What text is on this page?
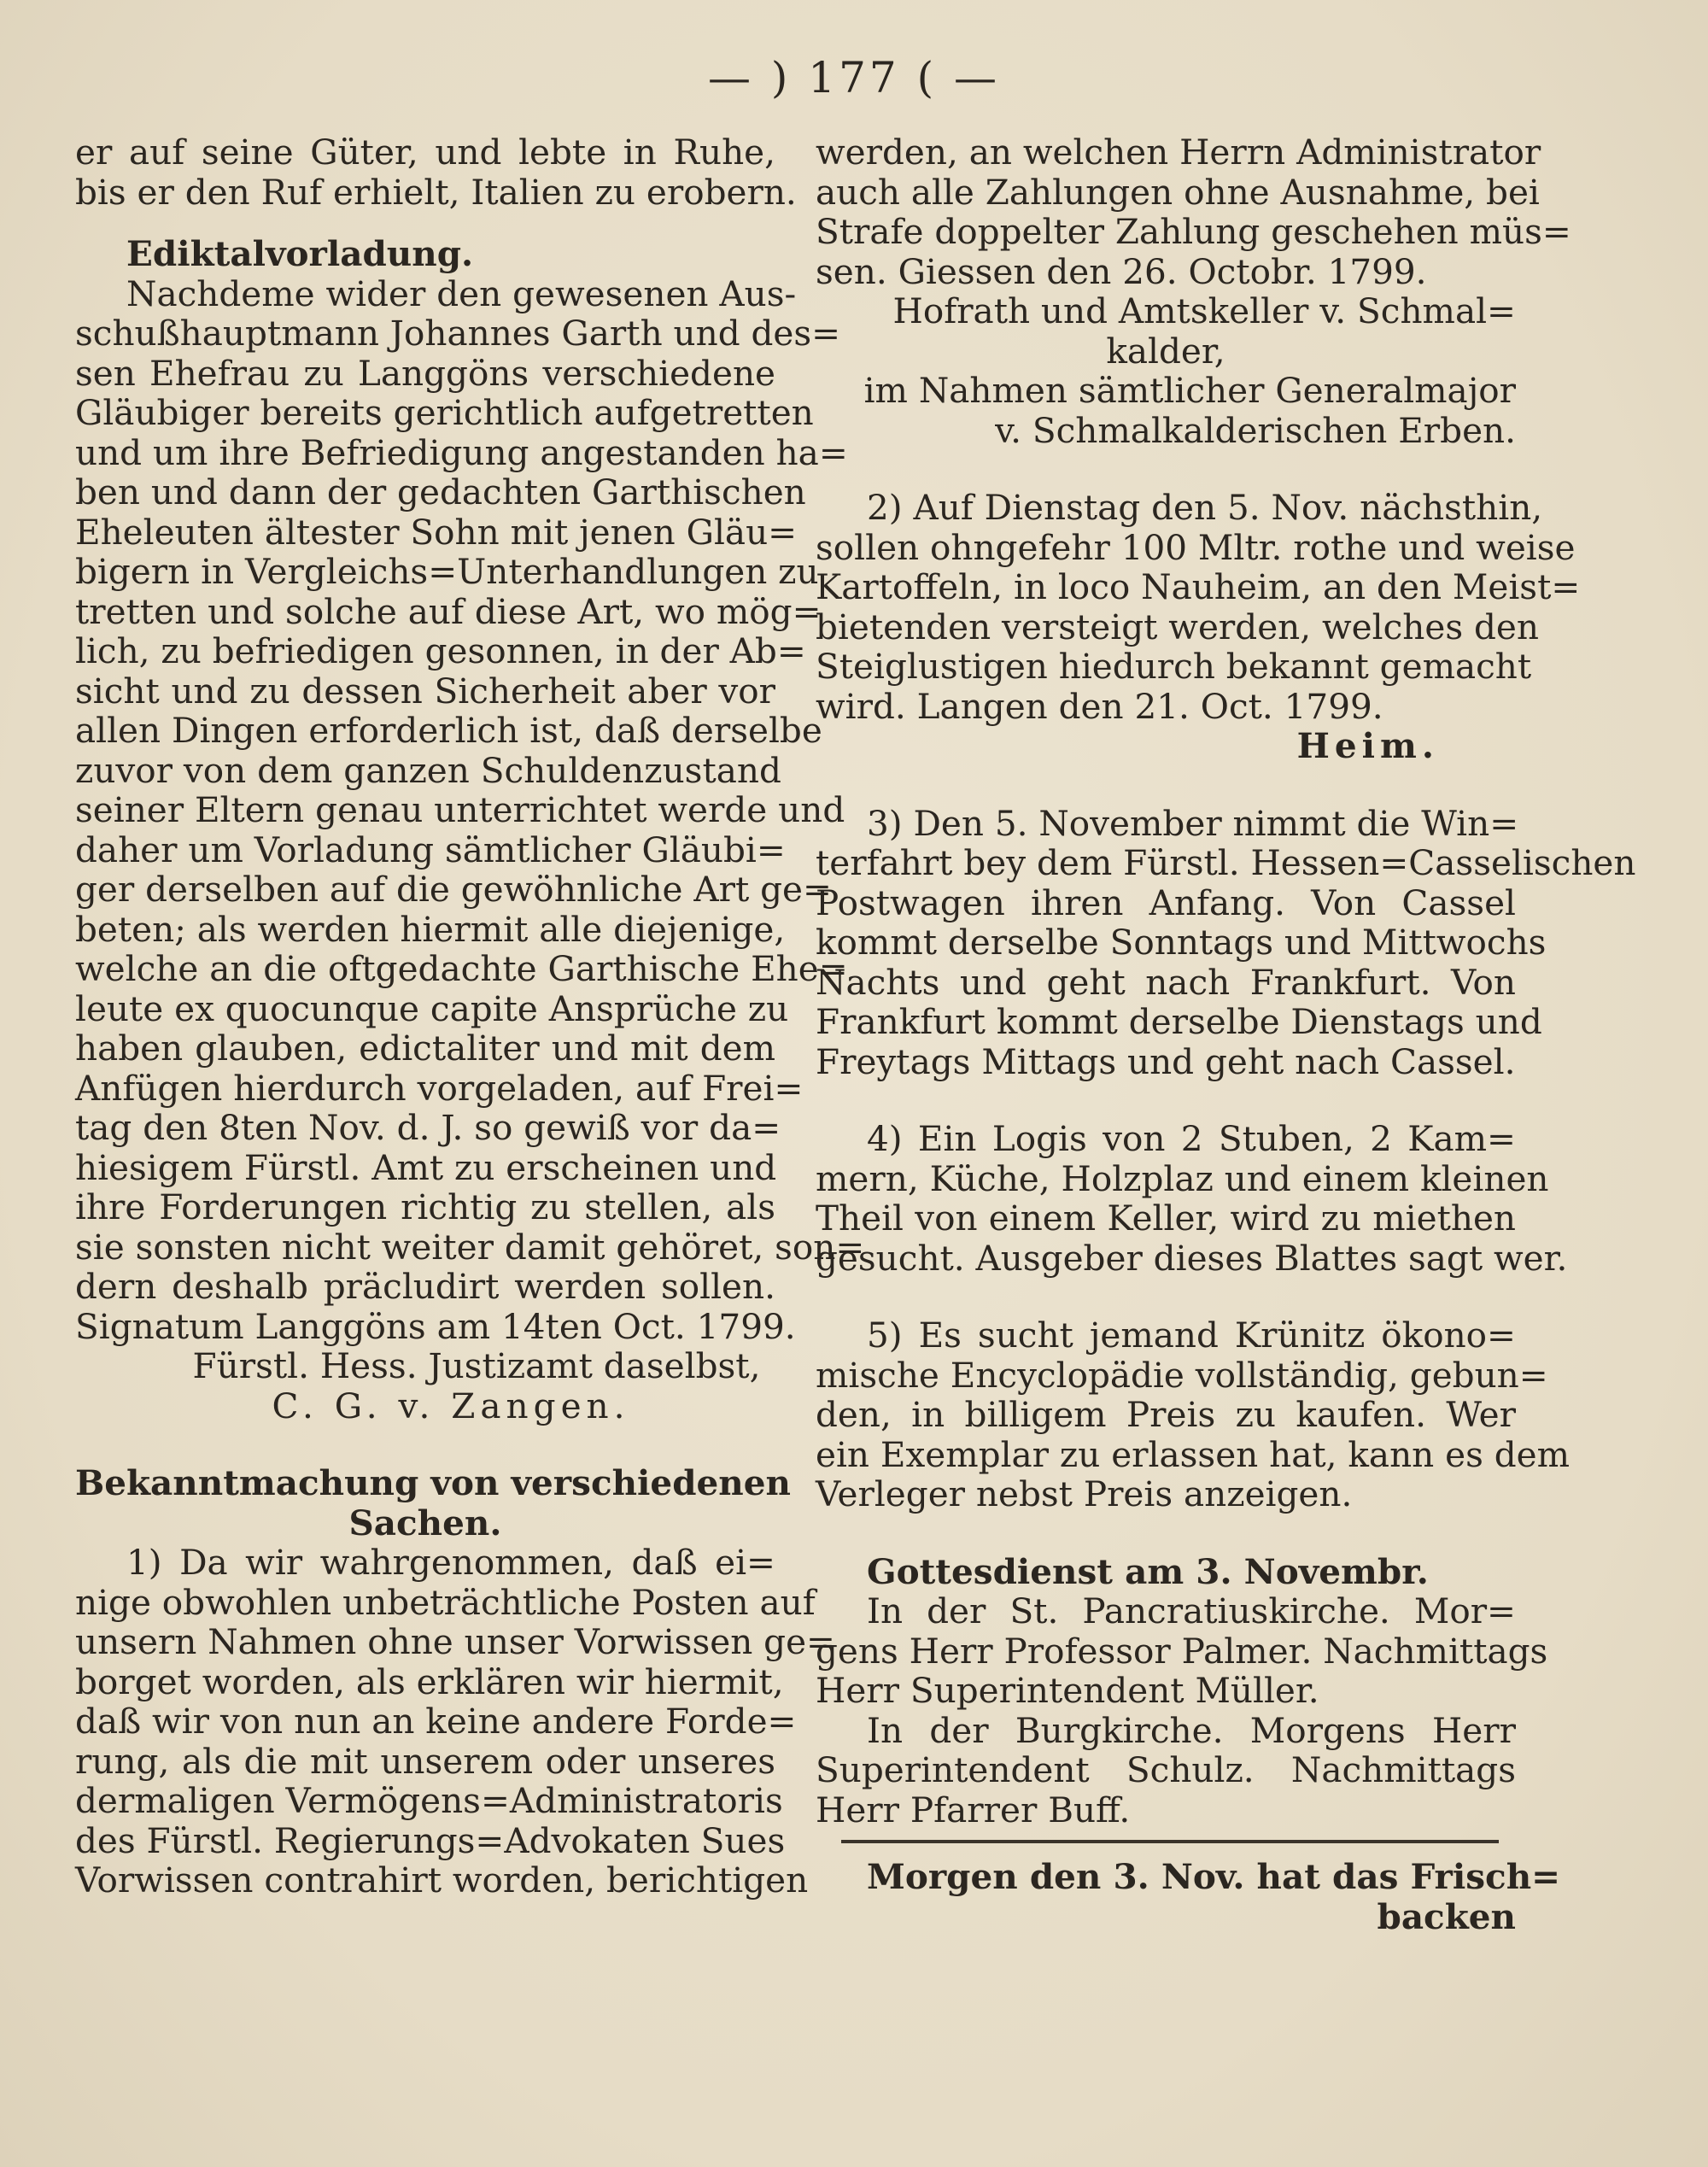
— ) 177 ( —
er auf seine Güter, und lebte in Ruhe,
bis er den Ruf erhielt, Italien zu erobern.
Ediktalvorladung.
Nachdeme wider den gewesenen Aus-
schußhauptmann Johannes Garth und des=
sen Ehefrau zu Langgöns verschiedene
Gläubiger bereits gerichtlich aufgetretten
und um ihre Befriedigung angestanden ha=
ben und dann der gedachten Garthischen
Eheleuten ältester Sohn mit jenen Gläu=
bigern in Vergleichs=Unterhandlungen zu
tretten und solche auf diese Art, wo mög=
lich, zu befriedigen gesonnen, in der Ab=
sicht und zu dessen Sicherheit aber vor
allen Dingen erforderlich ist, daß derselbe
zuvor von dem ganzen Schuldenzustand
seiner Eltern genau unterrichtet werde und
daher um Vorladung sämtlicher Gläubi=
ger derselben auf die gewöhnliche Art ge=
beten; als werden hiermit alle diejenige,
welche an die oftgedachte Garthische Ehe=
leute ex quocunque capite Ansprüche zu
haben glauben, edictaliter und mit dem
Anfügen hierdurch vorgeladen, auf Frei=
tag den 8ten Nov. d. J. so gewiß vor da=
hiesigem Fürstl. Amt zu erscheinen und
ihre Forderungen richtig zu stellen, als
sie sonsten nicht weiter damit gehöret, son=
dern deshalb präcludirt werden sollen.
Signatum Langgöns am 14ten Oct. 1799.
Fürstl. Hess. Justizamt daselbst,
C. G. v. Zangen.
Bekanntmachung von verschiedenen
Sachen.
1) Da wir wahrgenommen, daß ei=
nige obwohlen unbeträchtliche Posten auf
unsern Nahmen ohne unser Vorwissen ge=
borget worden, als erklären wir hiermit,
daß wir von nun an keine andere Forde=
rung, als die mit unserem oder unseres
dermaligen Vermögens=Administratoris
des Fürstl. Regierungs=Advokaten Sues
Vorwissen contrahirt worden, berichtigen
werden, an welchen Herrn Administrator
auch alle Zahlungen ohne Ausnahme, bei
Strafe doppelter Zahlung geschehen müs=
sen. Giessen den 26. Octobr. 1799.
Hofrath und Amtskeller v. Schmal=
kalder,
im Nahmen sämtlicher Generalmajor
v. Schmalkalderischen Erben.
2) Auf Dienstag den 5. Nov. nächsthin,
sollen ohngefehr 100 Mltr. rothe und weise
Kartoffeln, in loco Nauheim, an den Meist=
bietenden versteigt werden, welches den
Steiglustigen hiedurch bekannt gemacht
wird. Langen den 21. Oct. 1799.
Heim.
3) Den 5. November nimmt die Win=
terfahrt bey dem Fürstl. Hessen=Casselischen
Postwagen ihren Anfang. Von Cassel
kommt derselbe Sonntags und Mittwochs
Nachts und geht nach Frankfurt. Von
Frankfurt kommt derselbe Dienstags und
Freytags Mittags und geht nach Cassel.
4) Ein Logis von 2 Stuben, 2 Kam=
mern, Küche, Holzplaz und einem kleinen
Theil von einem Keller, wird zu miethen
gesucht. Ausgeber dieses Blattes sagt wer.
5) Es sucht jemand Krünitz ökono=
mische Encyclopädie vollständig, gebun=
den, in billigem Preis zu kaufen. Wer
ein Exemplar zu erlassen hat, kann es dem
Verleger nebst Preis anzeigen.
Gottesdienst am 3. Novembr.
In der St. Pancratiuskirche. Mor=
gens Herr Professor Palmer. Nachmittags
Herr Superintendent Müller.
In der Burgkirche. Morgens Herr
Superintendent Schulz. Nachmittags
Herr Pfarrer Buff.
Morgen den 3. Nov. hat das Frisch=
backen
